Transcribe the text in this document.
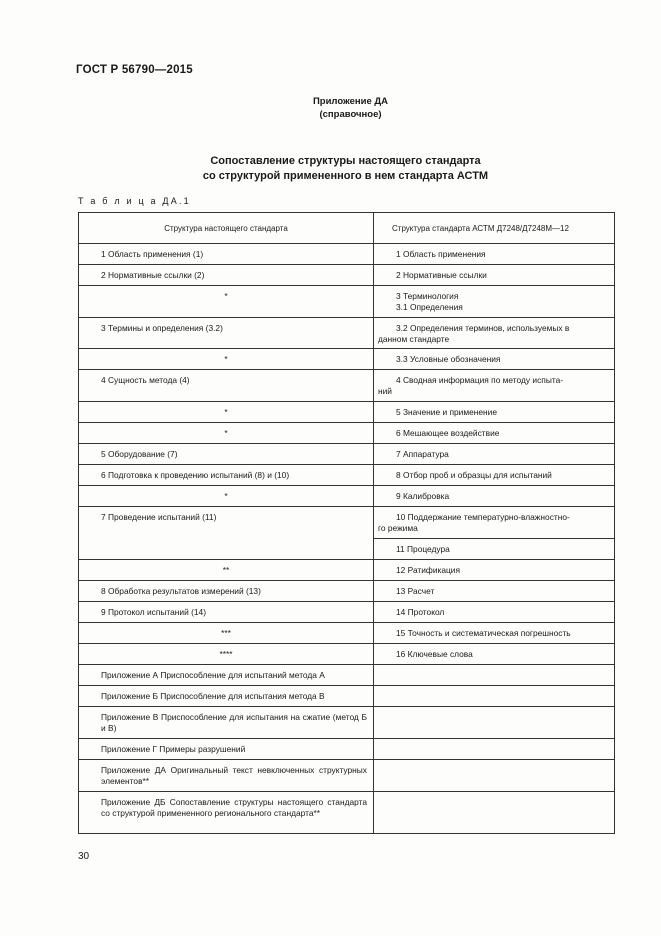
ГОСТ Р 56790—2015
Приложение ДА
(справочное)
Сопоставление структуры настоящего стандарта
со структурой примененного в нем стандарта АСТМ
Т а б л и ц а ДА.1
Структура настоящего стандарта	Структура стандарта АСТМ Д7248/Д7248М—12
1 Область применения (1)	1 Область применения

2 Нормативные ссылки (2)	2 Нормативные ссылки

*	3 Терминология
3.1 Определения

3 Термины и определения (3.2)	3.2 Определения терминов, используемых в
данном стандарте

*	3.3 Условные обозначения

4 Сущность метода (4)	4 Сводная информация по методу испыта-
ний

*	5 Значение и применение

*	6 Мешающее воздействие

5 Оборудование (7)	7 Аппаратура

6 Подготовка к проведению испытаний (8) и (10)	8 Отбор проб и образцы для испытаний

*	9 Калибровка

7 Проведение испытаний (11)	10 Поддержание температурно-влажностно-
го режима

	11 Процедура

**	12 Ратификация

8 Обработка результатов измерений (13)	13 Расчет

9 Протокол испытаний (14)	14 Протокол

***	15 Точность и систематическая погрешность

****	16 Ключевые слова

Приложение А Приспособление для испытаний метода А	
Приложение Б Приспособление для испытания метода В	
Приложение В Приспособление для испытания на сжатие (метод Б и В)	
Приложение Г Примеры разрушений	
Приложение ДА Оригинальный текст невключенных структурных элементов**	
Приложение ДБ Сопоставление структуры настоящего стандарта со структурой примененного регионального стандарта**	
30
